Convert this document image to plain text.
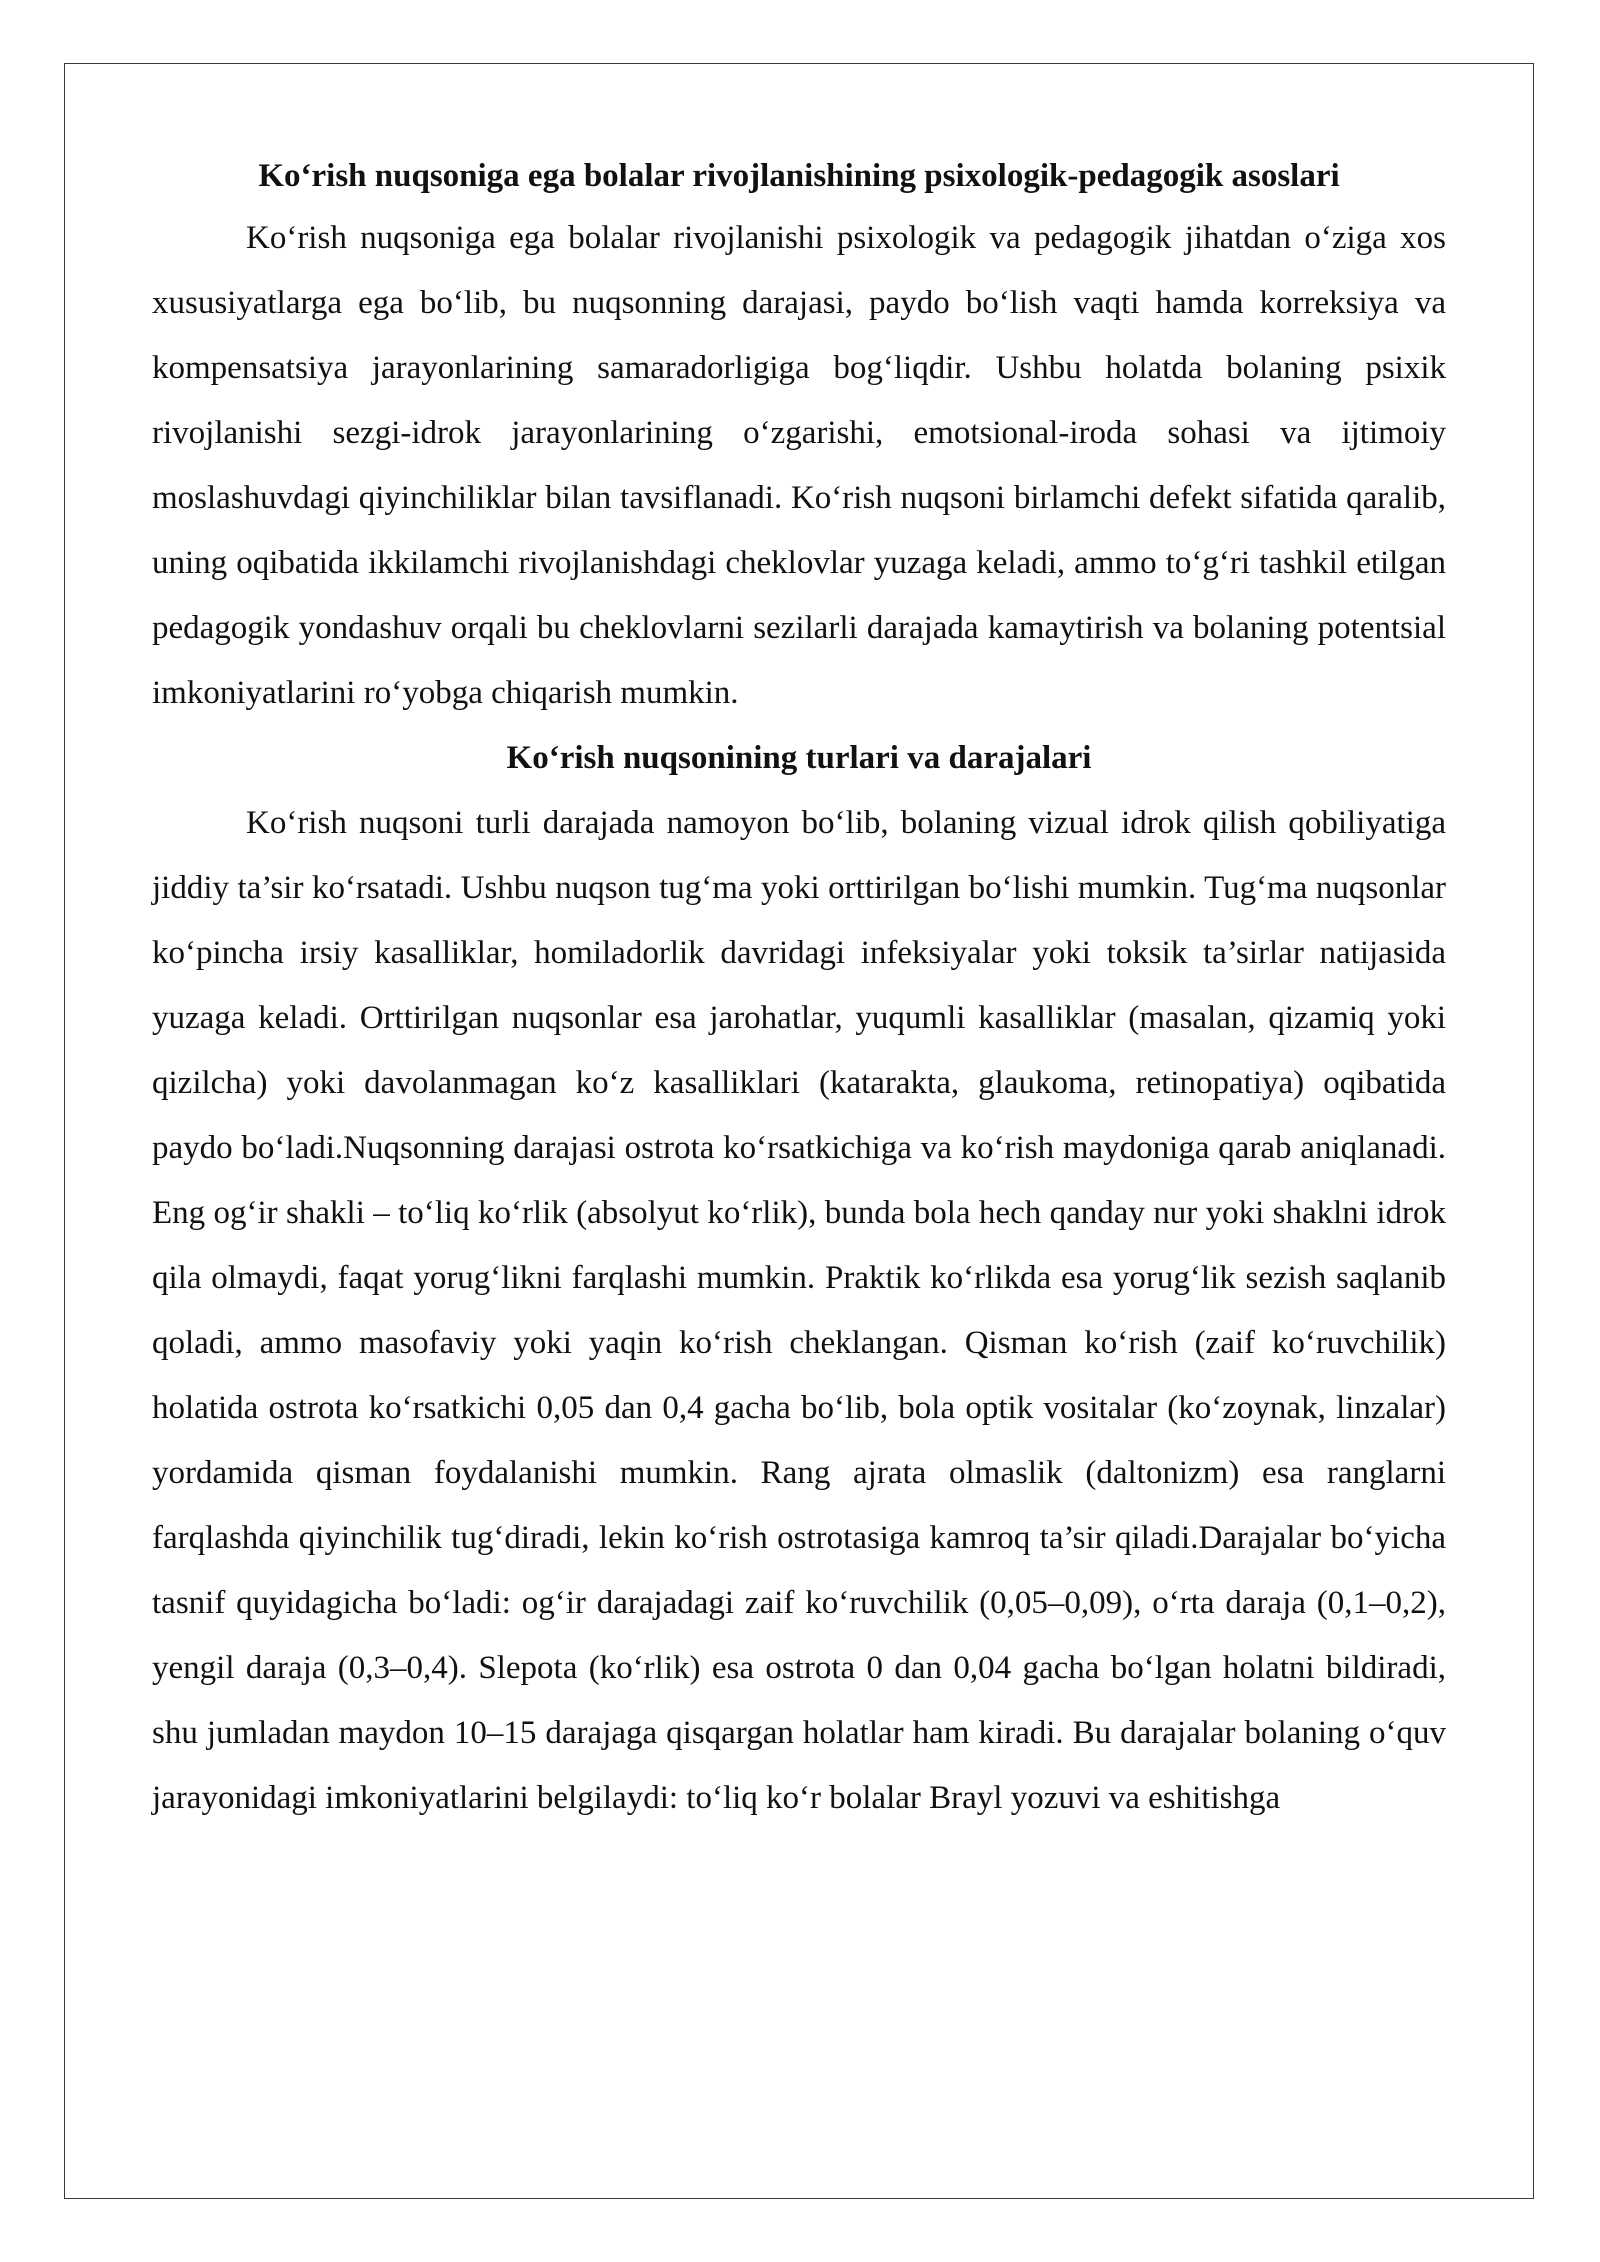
Ko‘rish nuqsoniga ega bolalar rivojlanishining psixologik-pedagogik asoslari

Ko‘rish nuqsoniga ega bolalar rivojlanishi psixologik va pedagogik jihatdan o‘ziga xos xususiyatlarga ega bo‘lib, bu nuqsonning darajasi, paydo bo‘lish vaqti hamda korreksiya va kompensatsiya jarayonlarining samaradorligiga bog‘liqdir. Ushbu holatda bolaning psixik rivojlanishi sezgi-idrok jarayonlarining o‘zgarishi, emotsional-iroda sohasi va ijtimoiy moslashuvdagi qiyinchiliklar bilan tavsiflanadi. Ko‘rish nuqsoni birlamchi defekt sifatida qaralib, uning oqibatida ikkilamchi rivojlanishdagi cheklovlar yuzaga keladi, ammo to‘g‘ri tashkil etilgan pedagogik yondashuv orqali bu cheklovlarni sezilarli darajada kamaytirish va bolaning potentsial imkoniyatlarini ro‘yobga chiqarish mumkin.

Ko‘rish nuqsonining turlari va darajalari

Ko‘rish nuqsoni turli darajada namoyon bo‘lib, bolaning vizual idrok qilish qobiliyatiga jiddiy ta’sir ko‘rsatadi. Ushbu nuqson tug‘ma yoki orttirilgan bo‘lishi mumkin. Tug‘ma nuqsonlar ko‘pincha irsiy kasalliklar, homiladorlik davridagi infeksiyalar yoki toksik ta’sirlar natijasida yuzaga keladi. Orttirilgan nuqsonlar esa jarohatlar, yuqumli kasalliklar (masalan, qizamiq yoki qizilcha) yoki davolanmagan ko‘z kasalliklari (katarakta, glaukoma, retinopatiya) oqibatida paydo bo‘ladi.Nuqsonning darajasi ostrota ko‘rsatkichiga va ko‘rish maydoniga qarab aniqlanadi. Eng og‘ir shakli – to‘liq ko‘rlik (absolyut ko‘rlik), bunda bola hech qanday nur yoki shaklni idrok qila olmaydi, faqat yorug‘likni farqlashi mumkin. Praktik ko‘rlikda esa yorug‘lik sezish saqlanib qoladi, ammo masofaviy yoki yaqin ko‘rish cheklangan. Qisman ko‘rish (zaif ko‘ruvchilik) holatida ostrota ko‘rsatkichi 0,05 dan 0,4 gacha bo‘lib, bola optik vositalar (ko‘zoynak, linzalar) yordamida qisman foydalanishi mumkin. Rang ajrata olmaslik (daltonizm) esa ranglarni farqlashda qiyinchilik tug‘diradi, lekin ko‘rish ostrotasiga kamroq ta’sir qiladi.Darajalar bo‘yicha tasnif quyidagicha bo‘ladi: og‘ir darajadagi zaif ko‘ruvchilik (0,05–0,09), o‘rta daraja (0,1–0,2), yengil daraja (0,3–0,4). Slepota (ko‘rlik) esa ostrota 0 dan 0,04 gacha bo‘lgan holatni bildiradi, shu jumladan maydon 10–15 darajaga qisqargan holatlar ham kiradi. Bu darajalar bolaning o‘quv jarayonidagi imkoniyatlarini belgilaydi: to‘liq ko‘r bolalar Brayl yozuvi va eshitishga
